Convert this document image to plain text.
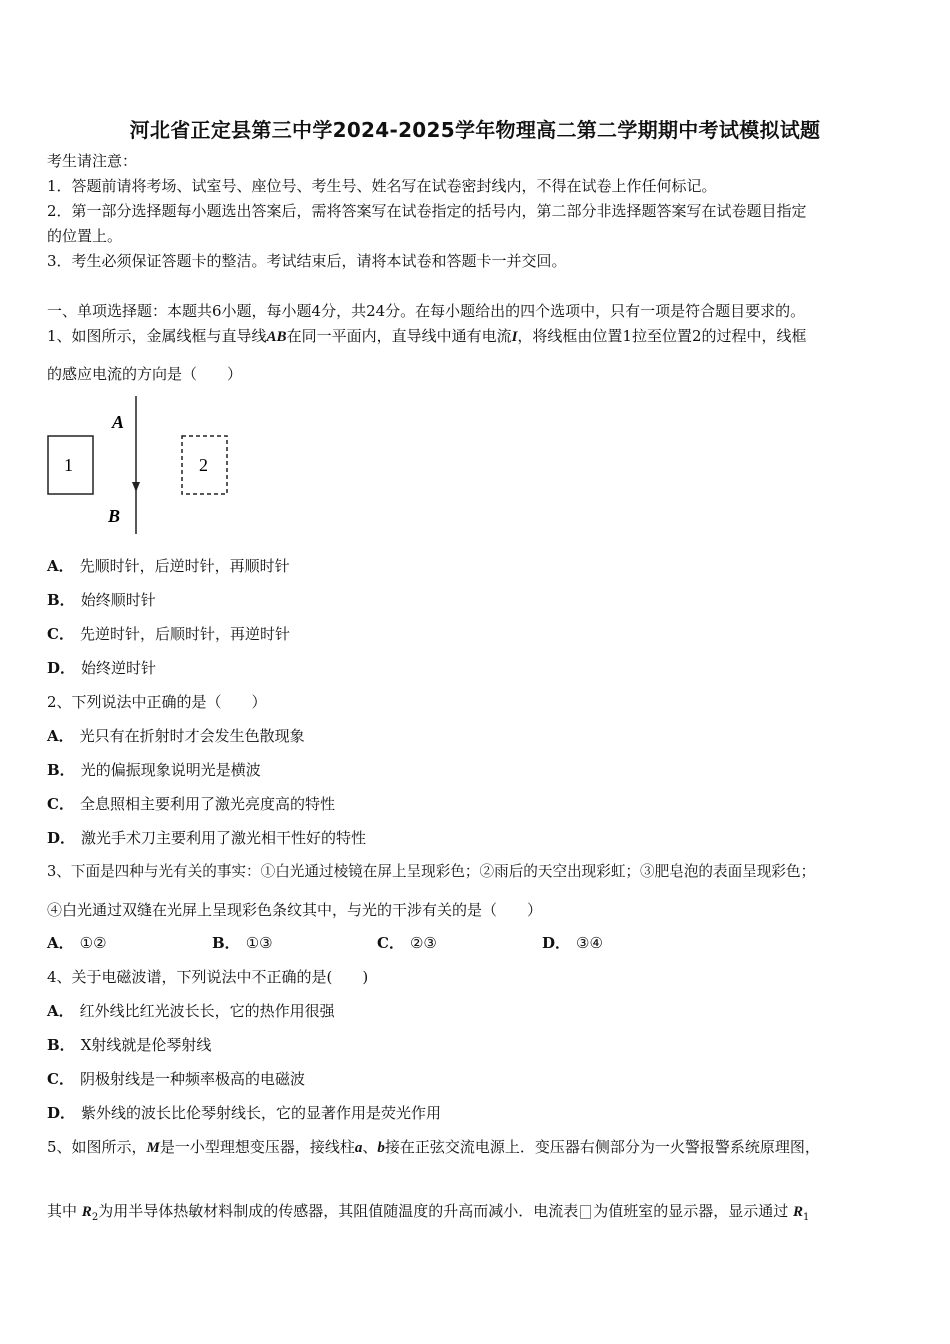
河北省正定县第三中学2024-2025学年物理高二第二学期期中考试模拟试题
考生请注意：
1．答题前请将考场、试室号、座位号、考生号、姓名写在试卷密封线内，不得在试卷上作任何标记。
2．第一部分选择题每小题选出答案后，需将答案写在试卷指定的括号内，第二部分非选择题答案写在试卷题目指定
的位置上。
3．考生必须保证答题卡的整洁。考试结束后，请将本试卷和答题卡一并交回。
一、单项选择题：本题共6小题，每小题4分，共24分。在每小题给出的四个选项中，只有一项是符合题目要求的。
1、如图所示，金属线框与直导线AB在同一平面内，直导线中通有电流I，将线框由位置1拉至位置2的过程中，线框
的感应电流的方向是（　　）
A
B
1	2
A． 先顺时针，后逆时针，再顺时针
B． 始终顺时针
C． 先逆时针，后顺时针，再逆时针
D． 始终逆时针
2、下列说法中正确的是（　　）
A． 光只有在折射时才会发生色散现象
B． 光的偏振现象说明光是横波
C． 全息照相主要利用了激光亮度高的特性
D． 激光手术刀主要利用了激光相干性好的特性
3、下面是四种与光有关的事实：①白光通过棱镜在屏上呈现彩色；②雨后的天空出现彩虹；③肥皂泡的表面呈现彩色；
④白光通过双缝在光屏上呈现彩色条纹其中，与光的干涉有关的是（　　）
A． ①②	B． ①③	C． ②③	D． ③④
4、关于电磁波谱，下列说法中不正确的是(　　)
A． 红外线比红光波长长，它的热作用很强
B． X射线就是伦琴射线
C． 阴极射线是一种频率极高的电磁波
D． 紫外线的波长比伦琴射线长，它的显著作用是荧光作用
5、如图所示，M是一小型理想变压器，接线柱a、b接在正弦交流电源上．变压器右侧部分为一火警报警系统原理图，
其中 $R_2$为用半导体热敏材料制成的传感器，其阻值随温度的升高而减小．电流表 为值班室的显示器，显示通过 $R_1$
